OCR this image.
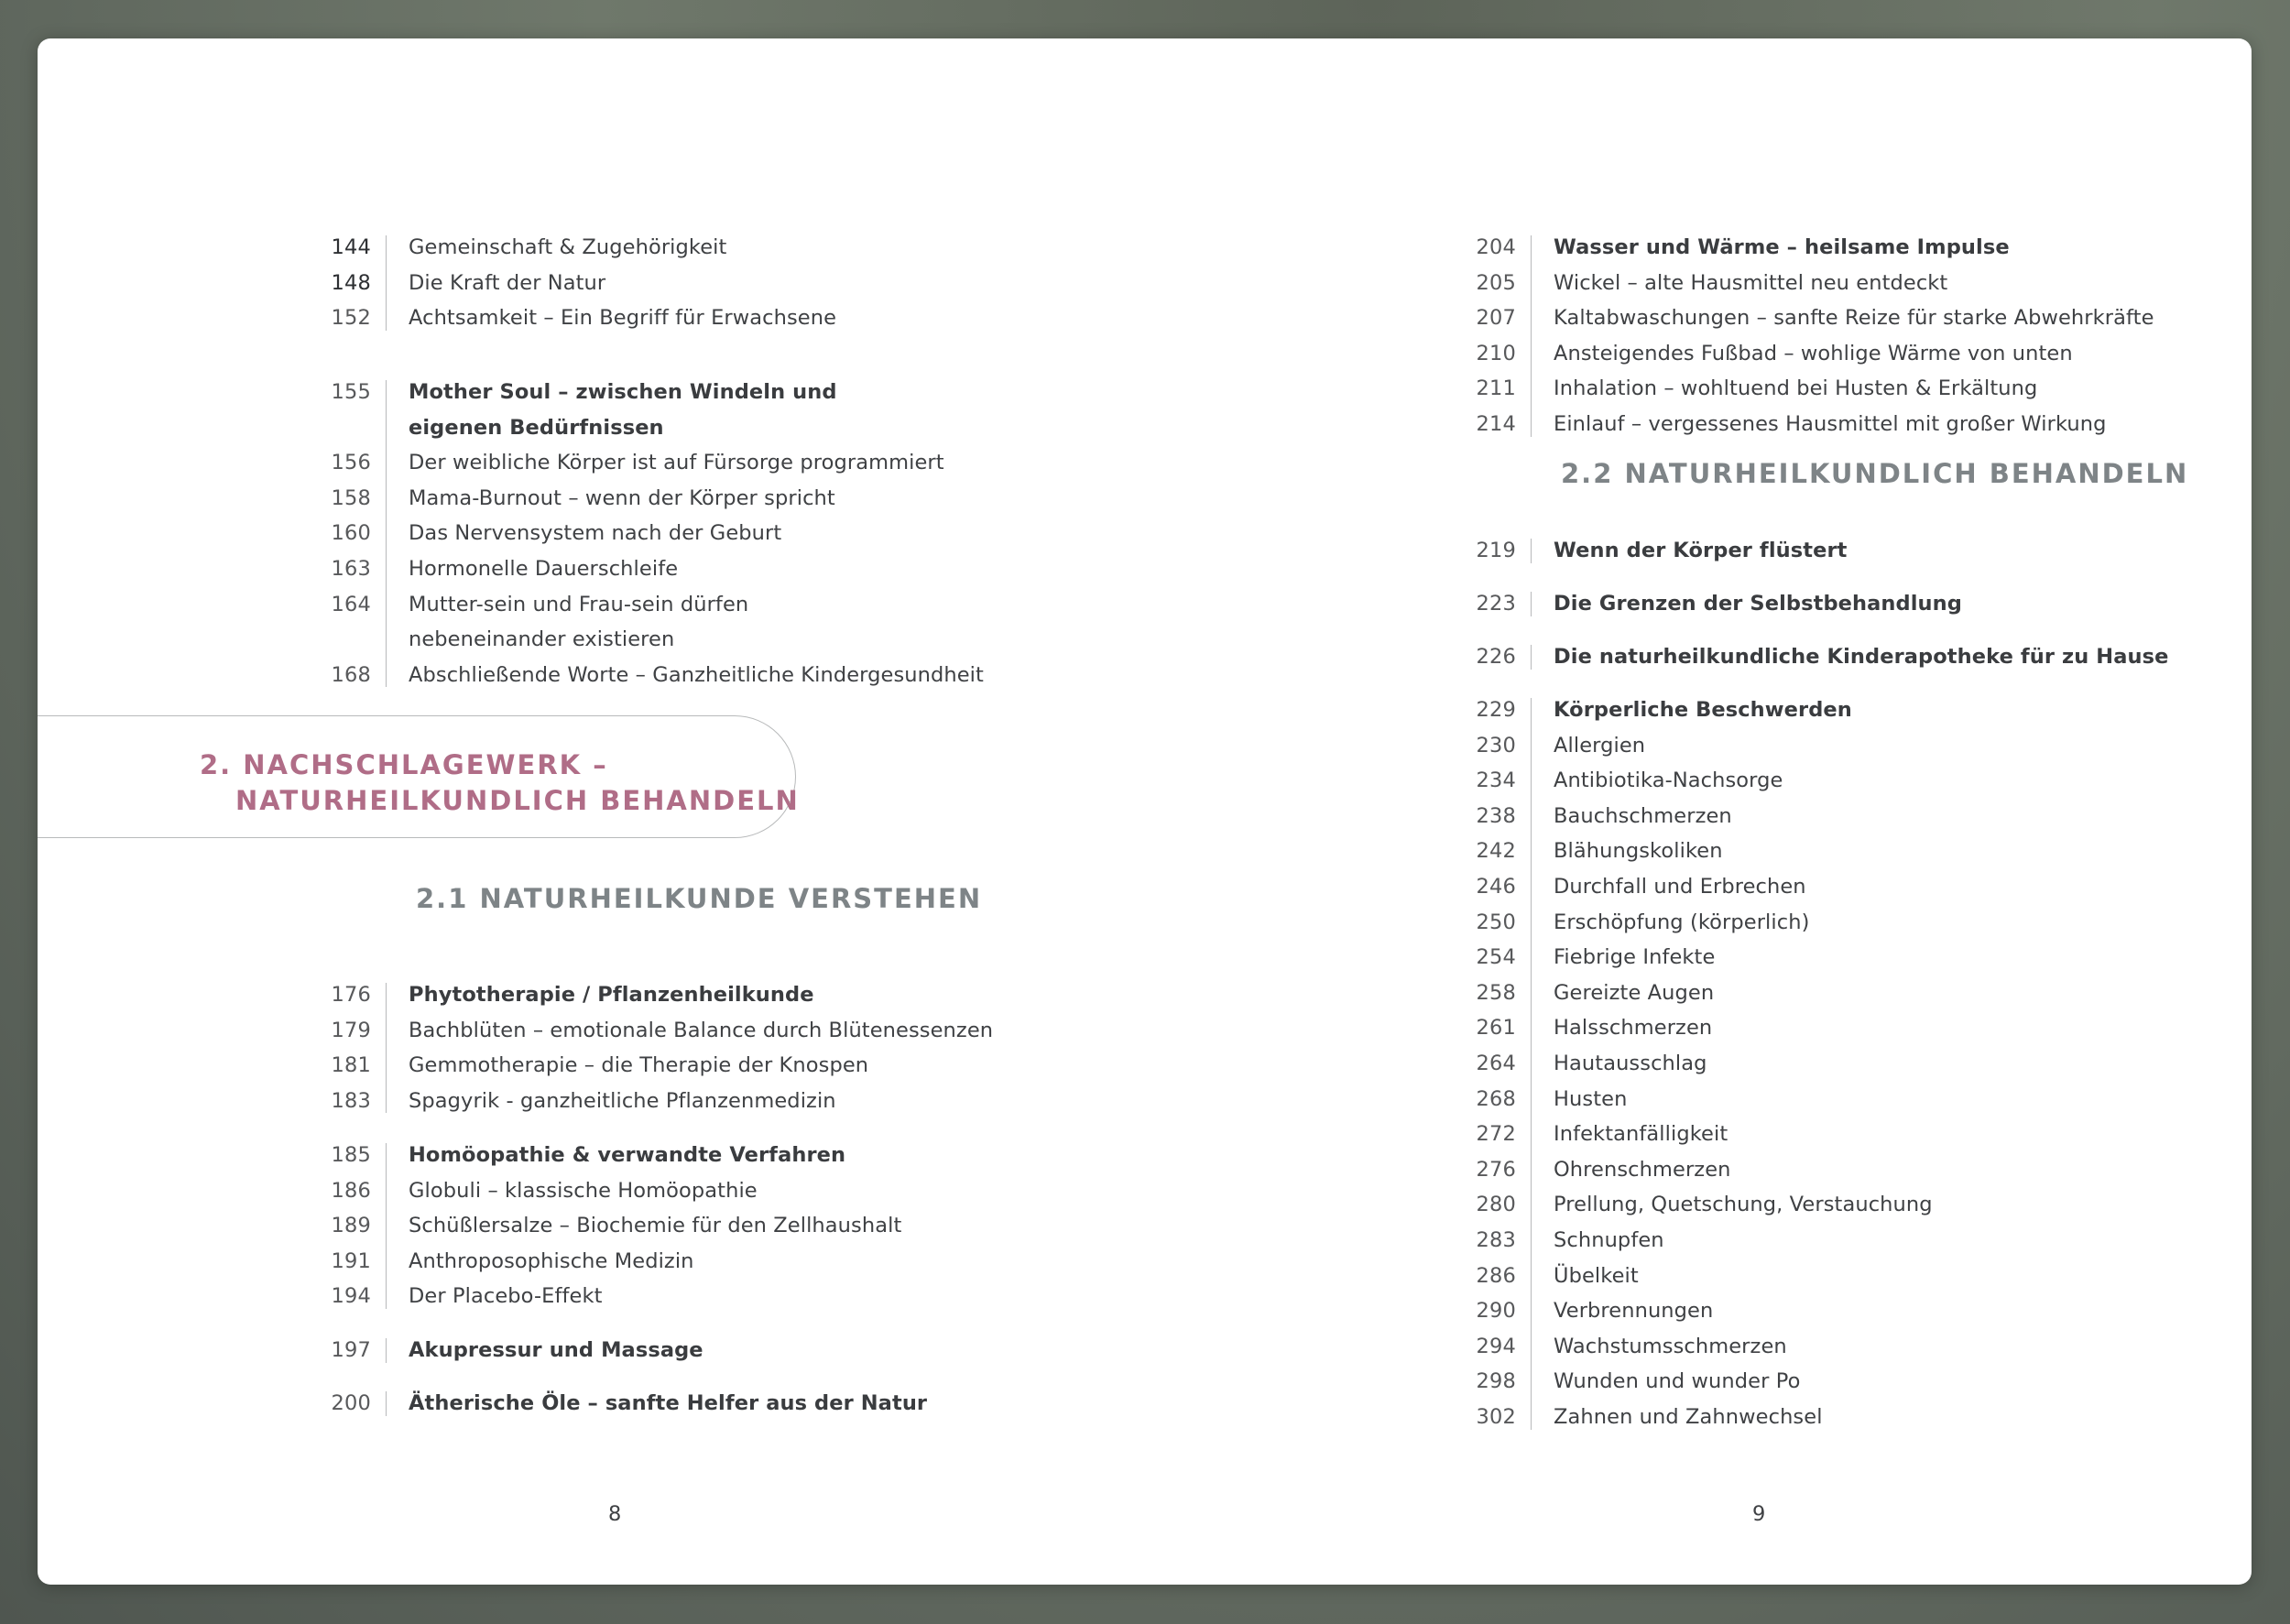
144 Gemeinschaft & Zugehörigkeit
148 Die Kraft der Natur
152 Achtsamkeit – Ein Begriff für Erwachsene
155 Mother Soul – zwischen Windeln und
eigenen Bedürfnissen
156 Der weibliche Körper ist auf Fürsorge programmiert
158 Mama-Burnout – wenn der Körper spricht
160 Das Nervensystem nach der Geburt
163 Hormonelle Dauerschleife
164 Mutter-sein und Frau-sein dürfen
nebeneinander existieren
168 Abschließende Worte – Ganzheitliche Kindergesundheit
2. NACHSCHLAGEWERK –
NATURHEILKUNDLICH BEHANDELN
2.1 NATURHEILKUNDE VERSTEHEN
176 Phytotherapie / Pflanzenheilkunde
179 Bachblüten – emotionale Balance durch Blütenessenzen
181 Gemmotherapie – die Therapie der Knospen
183 Spagyrik - ganzheitliche Pflanzenmedizin
185 Homöopathie & verwandte Verfahren
186 Globuli – klassische Homöopathie
189 Schüßlersalze – Biochemie für den Zellhaushalt
191 Anthroposophische Medizin
194 Der Placebo-Effekt
197 Akupressur und Massage
200 Ätherische Öle – sanfte Helfer aus der Natur
8
204 Wasser und Wärme – heilsame Impulse
205 Wickel – alte Hausmittel neu entdeckt
207 Kaltabwaschungen – sanfte Reize für starke Abwehrkräfte
210 Ansteigendes Fußbad – wohlige Wärme von unten
211 Inhalation – wohltuend bei Husten & Erkältung
214 Einlauf – vergessenes Hausmittel mit großer Wirkung
2.2 NATURHEILKUNDLICH BEHANDELN
219 Wenn der Körper flüstert
223 Die Grenzen der Selbstbehandlung
226 Die naturheilkundliche Kinderapotheke für zu Hause
229 Körperliche Beschwerden
230 Allergien
234 Antibiotika-Nachsorge
238 Bauchschmerzen
242 Blähungskoliken
246 Durchfall und Erbrechen
250 Erschöpfung (körperlich)
254 Fiebrige Infekte
258 Gereizte Augen
261 Halsschmerzen
264 Hautausschlag
268 Husten
272 Infektanfälligkeit
276 Ohrenschmerzen
280 Prellung, Quetschung, Verstauchung
283 Schnupfen
286 Übelkeit
290 Verbrennungen
294 Wachstumsschmerzen
298 Wunden und wunder Po
302 Zahnen und Zahnwechsel
9
